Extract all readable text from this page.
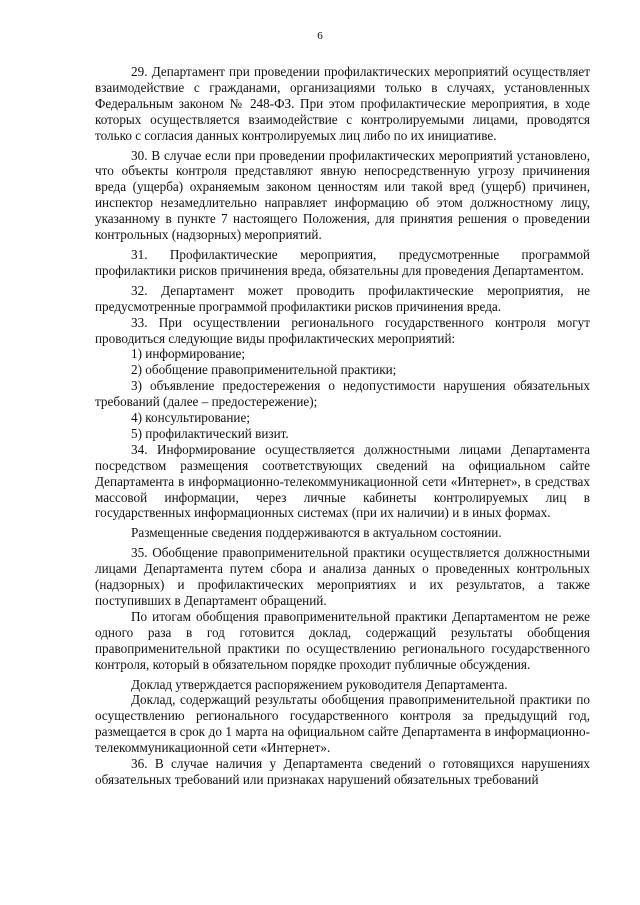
6

29. Департамент при проведении профилактических мероприятий осуществляет взаимодействие с гражданами, организациями только в случаях, установленных Федеральным законом № 248-ФЗ. При этом профилактические мероприятия, в ходе которых осуществляется взаимодействие с контролируемыми лицами, проводятся только с согласия данных контролируемых лиц либо по их инициативе.

30. В случае если при проведении профилактических мероприятий установлено, что объекты контроля представляют явную непосредственную угрозу причинения вреда (ущерба) охраняемым законом ценностям или такой вред (ущерб) причинен, инспектор незамедлительно направляет информацию об этом должностному лицу, указанному в пункте 7 настоящего Положения, для принятия решения о проведении контрольных (надзорных) мероприятий.

31. Профилактические мероприятия, предусмотренные программой профилактики рисков причинения вреда, обязательны для проведения Департаментом.

32. Департамент может проводить профилактические мероприятия, не предусмотренные программой профилактики рисков причинения вреда.

33. При осуществлении регионального государственного контроля могут проводиться следующие виды профилактических мероприятий:

1) информирование;

2) обобщение правоприменительной практики;

3) объявление предостережения о недопустимости нарушения обязательных требований (далее – предостережение);

4) консультирование;

5) профилактический визит.

34. Информирование осуществляется должностными лицами Департамента посредством размещения соответствующих сведений на официальном сайте Департамента в информационно-телекоммуникационной сети «Интернет», в средствах массовой информации, через личные кабинеты контролируемых лиц в государственных информационных системах (при их наличии) и в иных формах.

Размещенные сведения поддерживаются в актуальном состоянии.

35. Обобщение правоприменительной практики осуществляется должностными лицами Департамента путем сбора и анализа данных о проведенных контрольных (надзорных) и профилактических мероприятиях и их результатов, а также поступивших в Департамент обращений.

По итогам обобщения правоприменительной практики Департаментом не реже одного раза в год готовится доклад, содержащий результаты обобщения правоприменительной практики по осуществлению регионального государственного контроля, который в обязательном порядке проходит публичные обсуждения.

Доклад утверждается распоряжением руководителя Департамента.

Доклад, содержащий результаты обобщения правоприменительной практики по осуществлению регионального государственного контроля за предыдущий год, размещается в срок до 1 марта на официальном сайте Департамента в информационно-телекоммуникационной сети «Интернет».

36. В случае наличия у Департамента сведений о готовящихся нарушениях обязательных требований или признаках нарушений обязательных требований
